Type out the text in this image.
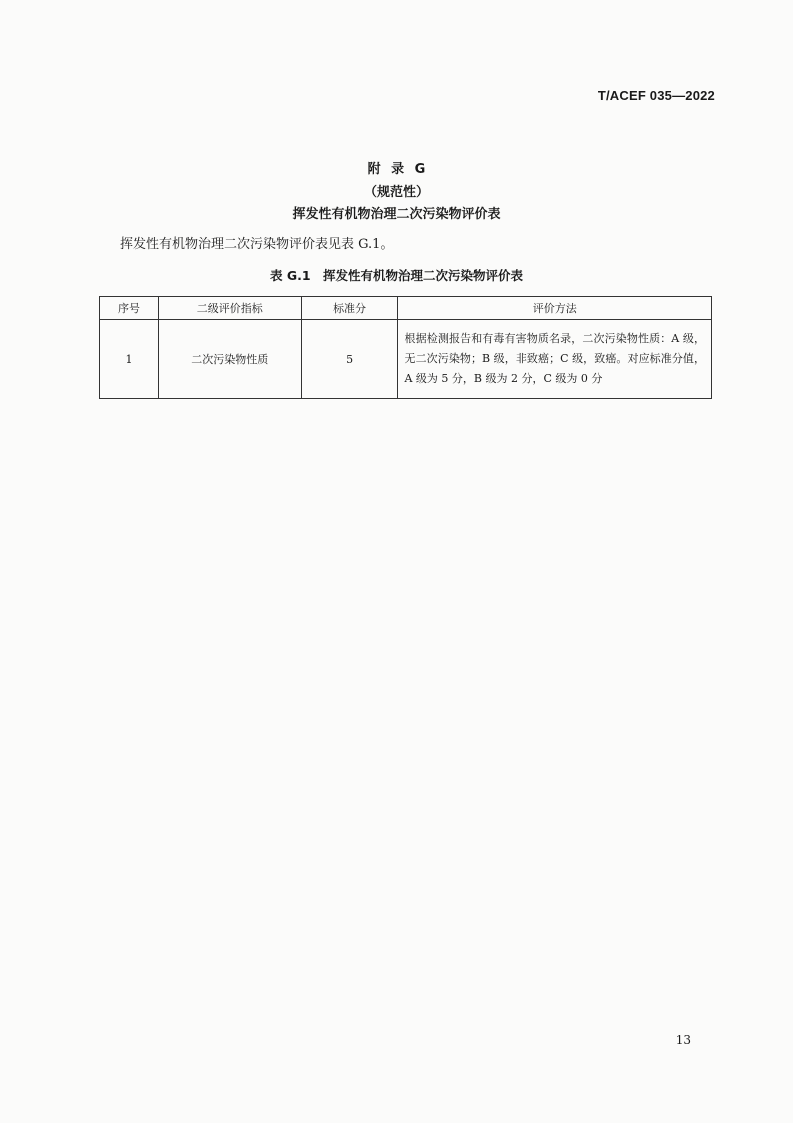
T/ACEF 035—2022
附 录 G
（规范性）
挥发性有机物治理二次污染物评价表
挥发性有机物治理二次污染物评价表见表 G.1。
表 G.1　挥发性有机物治理二次污染物评价表
序号	二级评价指标	标准分	评价方法
1	二次污染物性质	5	根据检测报告和有毒有害物质名录，二次污染物性质：A 级，无二次污染物；B 级，非致癌；C 级，致癌。对应标准分值，A 级为 5 分，B 级为 2 分，C 级为 0 分
13
